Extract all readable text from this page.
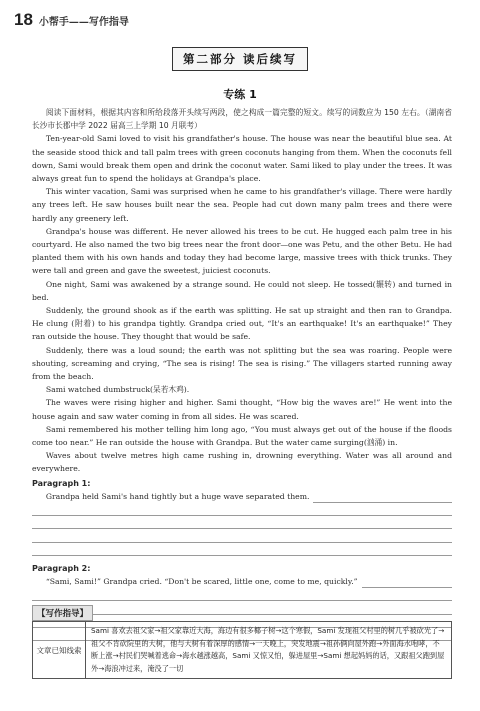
18 小帮手——写作指导
第二部分 读后续写
专练 1

阅读下面材料，根据其内容和所给段落开头续写两段，使之构成一篇完整的短文。续写的词数应为 150 左右。（湖南省长沙市长郡中学 2022 届高三上学期 10 月联考）

Ten-year-old Sami loved to visit his grandfather's house. The house was near the beautiful blue sea. At the seaside stood thick and tall palm trees with green coconuts hanging from them. When the coconuts fell down, Sami would break them open and drink the coconut water. Sami liked to play under the trees. It was always great fun to spend the holidays at Grandpa's place.

This winter vacation, Sami was surprised when he came to his grandfather's village. There were hardly any trees left. He saw houses built near the sea. People had cut down many palm trees and there were hardly any greenery left.

Grandpa's house was different. He never allowed his trees to be cut. He hugged each palm tree in his courtyard. He also named the two big trees near the front door—one was Petu, and the other Betu. He had planted them with his own hands and today they had become large, massive trees with thick trunks. They were tall and green and gave the sweetest, juiciest coconuts.

One night, Sami was awakened by a strange sound. He could not sleep. He tossed(辗转) and turned in bed.

Suddenly, the ground shook as if the earth was splitting. He sat up straight and then ran to Grandpa. He clung (附着) to his grandpa tightly. Grandpa cried out, “It's an earthquake! It's an earthquake!” They ran outside the house. They thought that would be safe.

Suddenly, there was a loud sound; the earth was not splitting but the sea was roaring. People were shouting, screaming and crying, “The sea is rising! The sea is rising.” The villagers started running away from the beach.

Sami watched dumbstruck(呆若木鸡).

The waves were rising higher and higher. Sami thought, “How big the waves are!” He went into the house again and saw water coming in from all sides. He was scared.

Sami remembered his mother telling him long ago, “You must always get out of the house if the floods come too near.” He ran outside the house with Grandpa. But the water came surging(汹涌) in.

Waves about twelve metres high came rushing in, drowning everything. Water was all around and everywhere.

Paragraph 1:
Grandpa held Sami's hand tightly but a huge wave separated them.
Paragraph 2:
“Sami, Sami!” Grandpa cried. “Don't be scared, little one, come to me, quickly.”
【写作指导】
文章已知线索
Sami 喜欢去祖父家→祖父家靠近大海，海边有很多椰子树→这个寒假，Sami 发现祖父村里的树几乎被砍光了→祖父不肯砍院里的大树，他与大树有着深厚的感情→一天晚上，突发地震→祖孙俩向屋外跑→外面海水咆哮，不断上涨→村民们哭喊着逃命→海水越涨越高，Sami 又惊又怕，躲进屋里→Sami 想起妈妈的话，又跟祖父跑到屋外→海浪冲过来，淹没了一切
